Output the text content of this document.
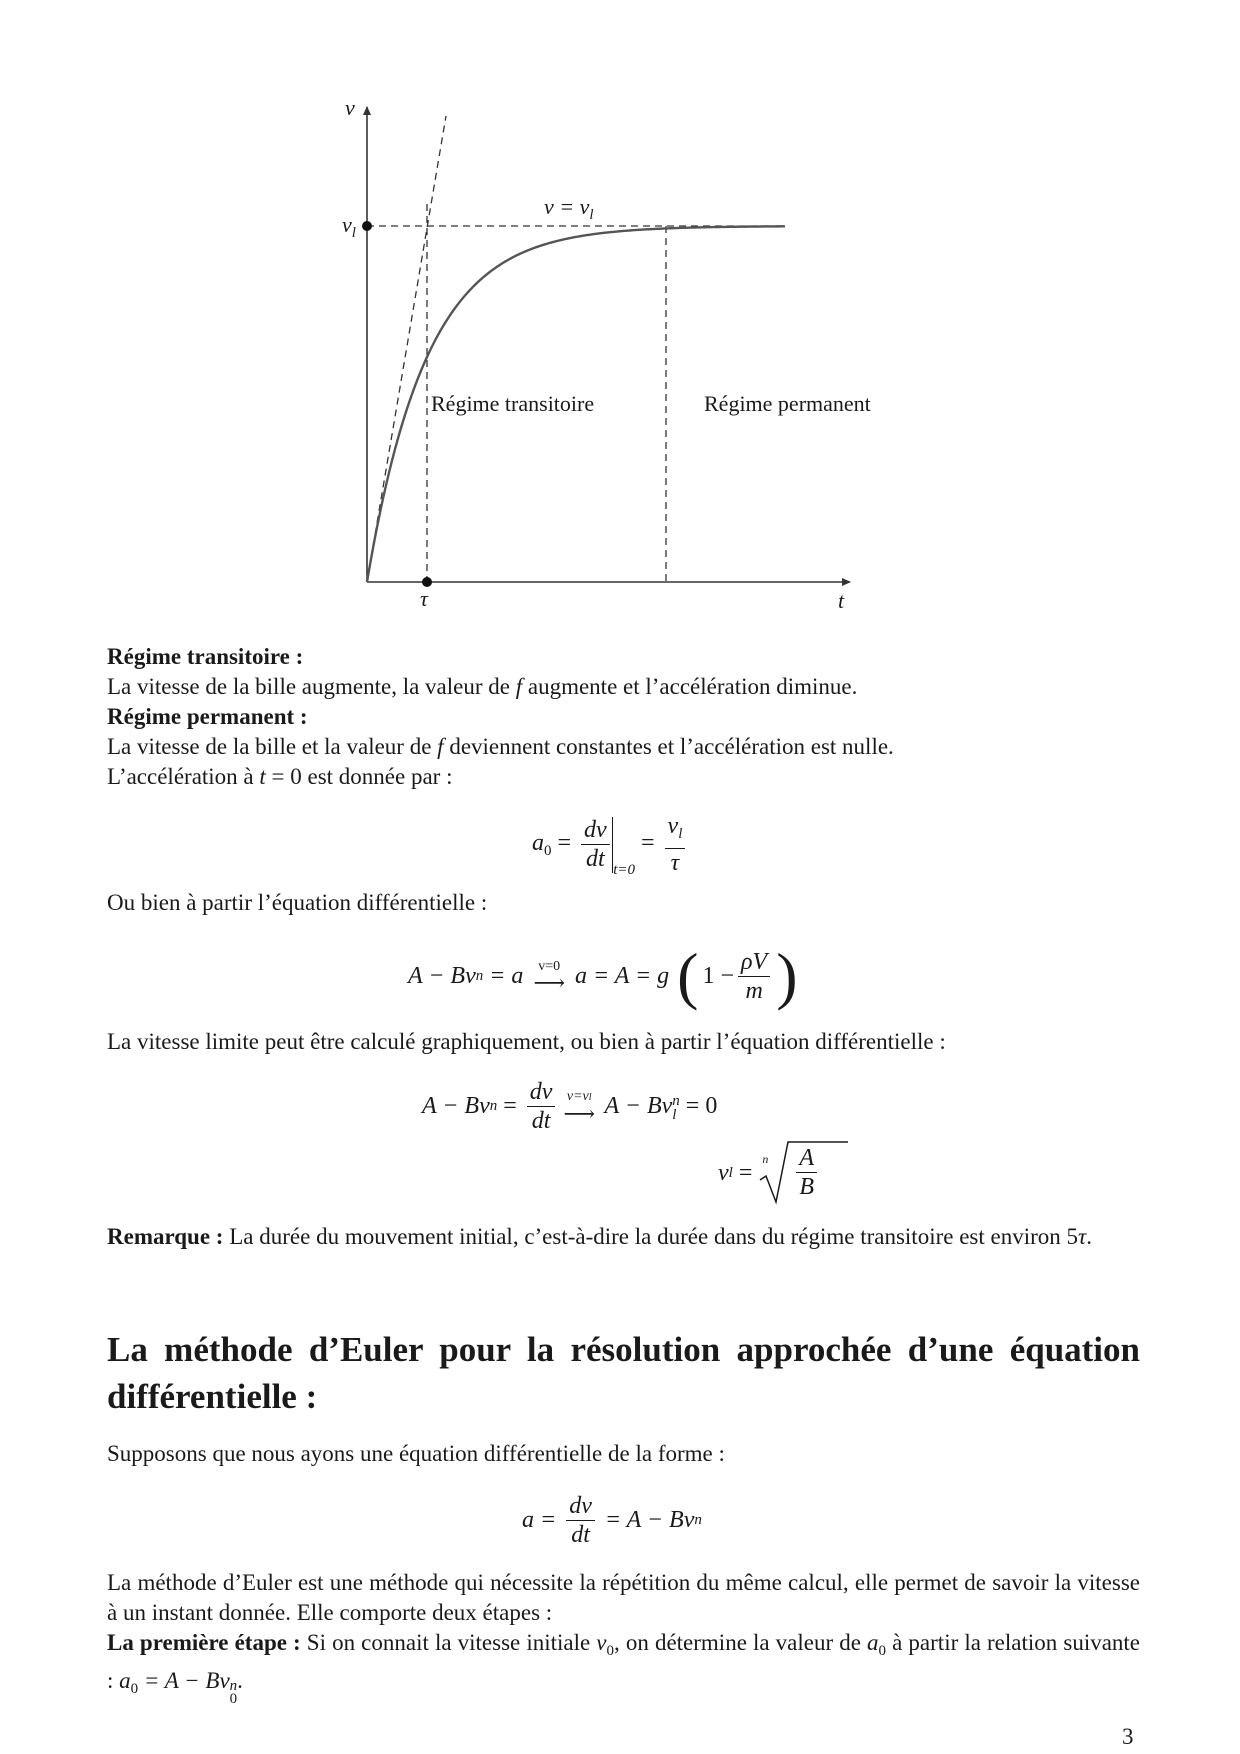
v
t
$v_l$
τ
$v = v_l$
Régime transitoire	Régime permanent
Régime transitoire :
La vitesse de la bille augmente, la valeur de f augmente et l’accélération diminue.
Régime permanent :
La vitesse de la bille et la valeur de f deviennent constantes et l’accélération est nulle.
L’accélération à t = 0 est donnée par :
$a_0 = \frac{dv}{dt} _{t=0} = \frac{v_l}{\tau}$
Ou bien à partir l’équation différentielle :
A − Bv n = a v=0
⟶ a = A = g ( $1 - \frac{\rho V}{m}$ )
La vitesse limite peut être calculé graphiquement, ou bien à partir l’équation différentielle :
A − Bv $n = \frac{dv}{dt} v=vl$
⟶ A − Bv n
l = 0
v l =
n $\frac{A}{B}$
Remarque : La durée du mouvement initial, c’est-à-dire la durée dans du régime transitoire est environ 5τ.
La méthode d’Euler pour la résolution approchée d’une équation différentielle :
Supposons que nous ayons une équation différentielle de la forme :
$a = \frac{dv}{dt} = A - Bv$ n
La méthode d’Euler est une méthode qui nécessite la répétition du même calcul, elle permet de savoir la vitesse à un instant donnée. Elle comporte deux étapes :
La première étape : Si on connait la vitesse initiale $v_0$, on détermine la valeur de $a_0$ à partir la relation suivante : $a_0 = A - Bv$ n
0
.
3
